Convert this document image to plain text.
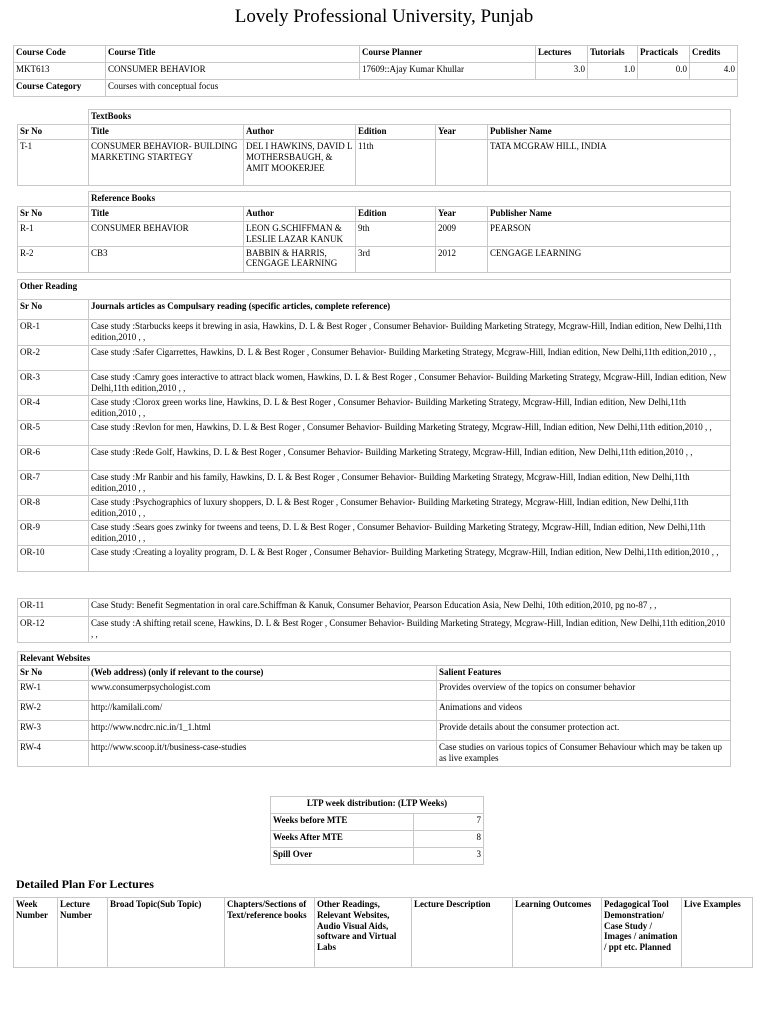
Lovely Professional University, Punjab
Course Code	Course Title	Course Planner	Lectures	Tutorials	Practicals	Credits
MKT613	CONSUMER BEHAVIOR	17609::Ajay Kumar Khullar	3.0	1.0	0.0	4.0
Course Category	Courses with conceptual focus					
	TextBooks				
Sr No	Title	Author	Edition	Year	Publisher Name
T-1	CONSUMER BEHAVIOR- BUILDING MARKETING STARTEGY	DEL I HAWKINS, DAVID L MOTHERSBAUGH, & AMIT MOOKERJEE	11th		TATA MCGRAW HILL, INDIA
	Reference Books				
Sr No	Title	Author	Edition	Year	Publisher Name
R-1	CONSUMER BEHAVIOR	LEON G.SCHIFFMAN & LESLIE LAZAR KANUK	9th	2009	PEARSON
R-2	CB3	BABBIN & HARRIS, CENGAGE LEARNING	3rd	2012	CENGAGE LEARNING
Other Reading	
Sr No	Journals articles as Compulsary reading (specific articles, complete reference)
OR-1	Case study :Starbucks keeps it brewing in asia, Hawkins, D. L & Best Roger , Consumer Behavior- Building Marketing Strategy, Mcgraw-Hill, Indian edition, New Delhi,11th edition,2010 , ,
OR-2	Case study :Safer Cigarrettes, Hawkins, D. L & Best Roger , Consumer Behavior- Building Marketing Strategy, Mcgraw-Hill, Indian edition, New Delhi,11th edition,2010 , ,
OR-3	Case study :Camry goes interactive to attract black women, Hawkins, D. L & Best Roger , Consumer Behavior- Building Marketing Strategy, Mcgraw-Hill, Indian edition, New Delhi,11th edition,2010 , ,
OR-4	Case study :Clorox green works line, Hawkins, D. L & Best Roger , Consumer Behavior- Building Marketing Strategy, Mcgraw-Hill, Indian edition, New Delhi,11th edition,2010 , ,
OR-5	Case study :Revlon for men, Hawkins, D. L & Best Roger , Consumer Behavior- Building Marketing Strategy, Mcgraw-Hill, Indian edition, New Delhi,11th edition,2010 , ,
OR-6	Case study :Rede Golf, Hawkins, D. L & Best Roger , Consumer Behavior- Building Marketing Strategy, Mcgraw-Hill, Indian edition, New Delhi,11th edition,2010 , ,
OR-7	Case study :Mr Ranbir and his family, Hawkins, D. L & Best Roger , Consumer Behavior- Building Marketing Strategy, Mcgraw-Hill, Indian edition, New Delhi,11th edition,2010 , ,
OR-8	Case study :Psychographics of luxury shoppers, D. L & Best Roger , Consumer Behavior- Building Marketing Strategy, Mcgraw-Hill, Indian edition, New Delhi,11th edition,2010 , ,
OR-9	Case study :Sears goes zwinky for tweens and teens, D. L & Best Roger , Consumer Behavior- Building Marketing Strategy, Mcgraw-Hill, Indian edition, New Delhi,11th edition,2010 , ,
OR-10	Case study :Creating a loyality program, D. L & Best Roger , Consumer Behavior- Building Marketing Strategy, Mcgraw-Hill, Indian edition, New Delhi,11th edition,2010 , ,
OR-11	Case Study: Benefit Segmentation in oral care.Schiffman & Kanuk, Consumer Behavior, Pearson Education Asia, New Delhi, 10th edition,2010, pg no-87 , ,
OR-12	Case study :A shifting retail scene, Hawkins, D. L & Best Roger , Consumer Behavior- Building Marketing Strategy, Mcgraw-Hill, Indian edition, New Delhi,11th edition,2010 , ,
Relevant Websites		
Sr No	(Web address) (only if relevant to the course)	Salient Features
RW-1	www.consumerpsychologist.com	Provides overview of the topics on consumer behavior
RW-2	http://kamilali.com/	Animations and videos
RW-3	http://www.ncdrc.nic.in/1_1.html	Provide details about the consumer protection act.
RW-4	http://www.scoop.it/t/business-case-studies	Case studies on various topics of Consumer Behaviour which may be taken up as live examples
LTP week distribution: (LTP Weeks)	
Weeks before MTE	7
Weeks After MTE	8
Spill Over	3
Detailed Plan For Lectures
Week Number	Lecture Number	Broad Topic(Sub Topic)	Chapters/Sections of Text/reference books	Other Readings, Relevant Websites, Audio Visual Aids, software and Virtual Labs	Lecture Description	Learning Outcomes	Pedagogical Tool Demonstration/ Case Study / Images / animation / ppt etc. Planned	Live Examples
